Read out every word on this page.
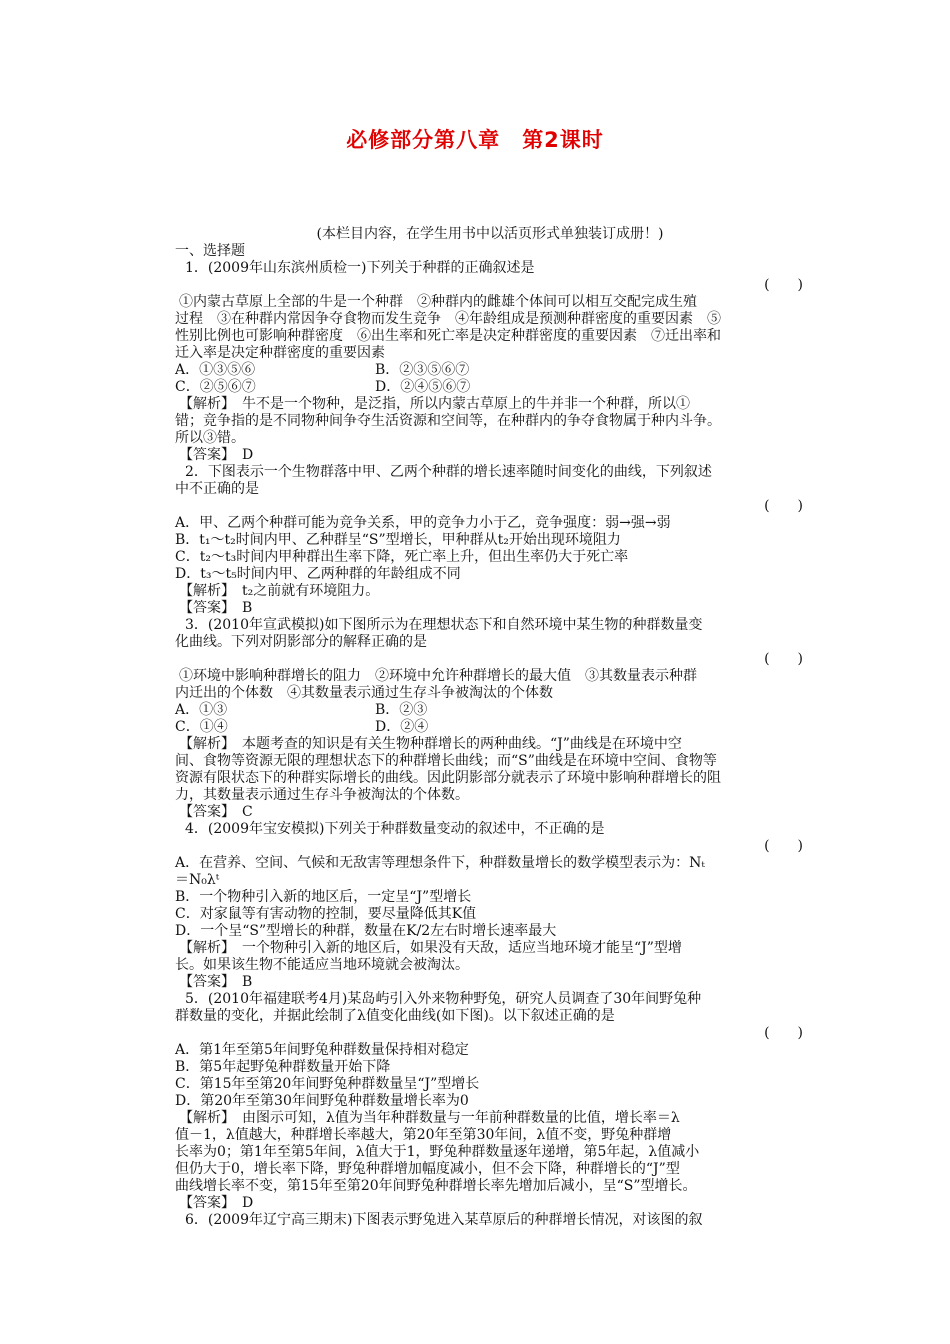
必修部分第八章 第2课时
(本栏目内容，在学生用书中以活页形式单独装订成册！)
一、选择题
1．(2009年山东滨州质检一)下列关于种群的正确叙述是
(　　)
①内蒙古草原上全部的牛是一个种群　②种群内的雌雄个体间可以相互交配完成生殖
过程　③在种群内常因争夺食物而发生竞争　④年龄组成是预测种群密度的重要因素　⑤
性别比例也可影响种群密度　⑥出生率和死亡率是决定种群密度的重要因素　⑦迁出率和
迁入率是决定种群密度的重要因素
A．①③⑤⑥	B．②③⑤⑥⑦
C．②⑤⑥⑦	D．②④⑤⑥⑦
【解析】　牛不是一个物种，是泛指，所以内蒙古草原上的牛并非一个种群，所以①
错；竞争指的是不同物种间争夺生活资源和空间等，在种群内的争夺食物属于种内斗争。
所以③错。
【答案】　D
2．下图表示一个生物群落中甲、乙两个种群的增长速率随时间变化的曲线，下列叙述
中不正确的是
(　　)
A．甲、乙两个种群可能为竞争关系，甲的竞争力小于乙，竞争强度：弱→强→弱
B．t₁～t₂时间内甲、乙种群呈“S”型增长，甲种群从t₂开始出现环境阻力
C．t₂～t₃时间内甲种群出生率下降，死亡率上升，但出生率仍大于死亡率
D．t₃～t₅时间内甲、乙两种群的年龄组成不同
【解析】　t₂之前就有环境阻力。
【答案】　B
3．(2010年宣武模拟)如下图所示为在理想状态下和自然环境中某生物的种群数量变
化曲线。下列对阴影部分的解释正确的是
(　　)
①环境中影响种群增长的阻力　②环境中允许种群增长的最大值　③其数量表示种群
内迁出的个体数　④其数量表示通过生存斗争被淘汰的个体数
A．①③	B．②③
C．①④	D．②④
【解析】　本题考查的知识是有关生物种群增长的两种曲线。“J”曲线是在环境中空
间、食物等资源无限的理想状态下的种群增长曲线；而“S”曲线是在环境中空间、食物等
资源有限状态下的种群实际增长的曲线。因此阴影部分就表示了环境中影响种群增长的阻
力，其数量表示通过生存斗争被淘汰的个体数。
【答案】　C
4．(2009年宝安模拟)下列关于种群数量变动的叙述中，不正确的是
(　　)
A．在营养、空间、气候和无敌害等理想条件下，种群数量增长的数学模型表示为：Nₜ
＝N₀λᵗ
B．一个物种引入新的地区后，一定呈“J”型增长
C．对家鼠等有害动物的控制，要尽量降低其K值
D．一个呈“S”型增长的种群，数量在K/2左右时增长速率最大
【解析】　一个物种引入新的地区后，如果没有天敌，适应当地环境才能呈“J”型增
长。如果该生物不能适应当地环境就会被淘汰。
【答案】　B
5．(2010年福建联考4月)某岛屿引入外来物种野兔，研究人员调查了30年间野兔种
群数量的变化，并据此绘制了λ值变化曲线(如下图)。以下叙述正确的是
(　　)
A．第1年至第5年间野兔种群数量保持相对稳定
B．第5年起野兔种群数量开始下降
C．第15年至第20年间野兔种群数量呈“J”型增长
D．第20年至第30年间野兔种群数量增长率为0
【解析】　由图示可知，λ值为当年种群数量与一年前种群数量的比值，增长率＝λ
值－1，λ值越大，种群增长率越大，第20年至第30年间，λ值不变，野兔种群增
长率为0；第1年至第5年间，λ值大于1，野兔种群数量逐年递增，第5年起，λ值减小
但仍大于0，增长率下降，野兔种群增加幅度减小，但不会下降，种群增长的“J”型
曲线增长率不变，第15年至第20年间野兔种群增长率先增加后减小，呈“S”型增长。
【答案】　D
6．(2009年辽宁高三期末)下图表示野兔进入某草原后的种群增长情况，对该图的叙
